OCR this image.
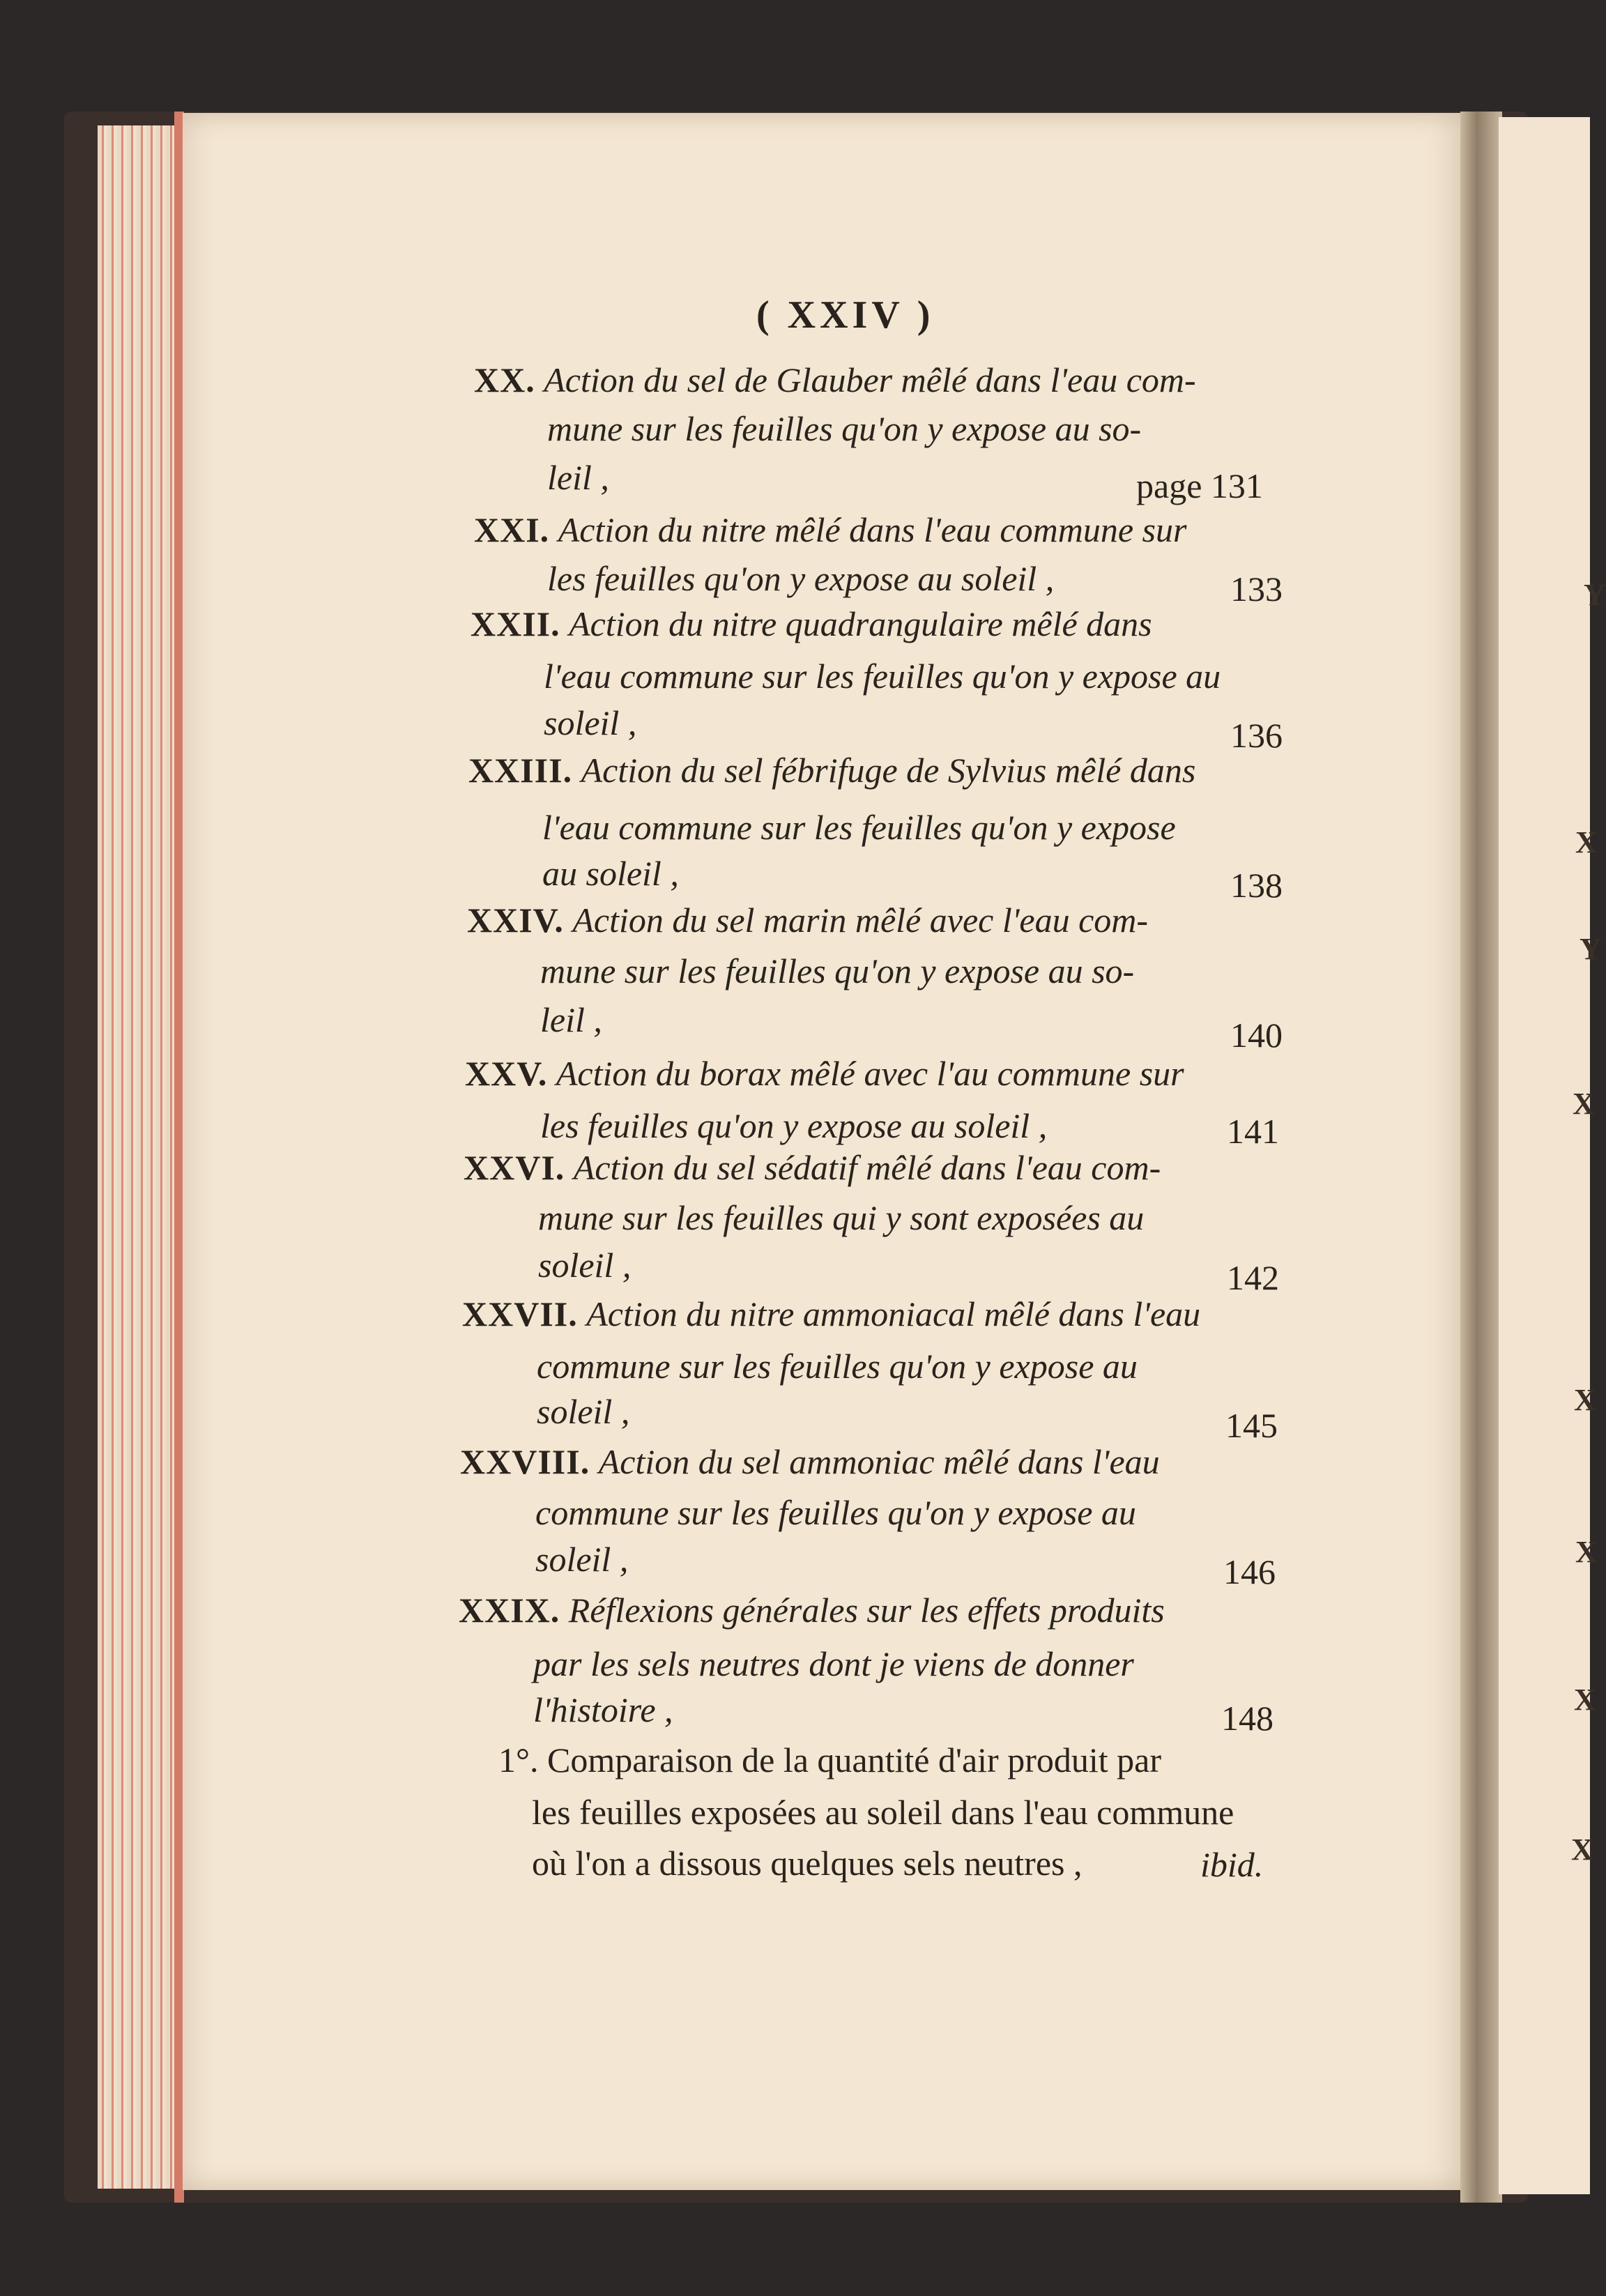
Y
X
Y
X
X
X
X
X
( XXIV )
XX. Action du sel de Glauber mêlé dans l'eau com-
mune sur les feuilles qu'on y expose au so-
leil ,	page 131
XXI. Action du nitre mêlé dans l'eau commune sur
les feuilles qu'on y expose au soleil ,	133
XXII. Action du nitre quadrangulaire mêlé dans
l'eau commune sur les feuilles qu'on y expose au
soleil ,	136
XXIII. Action du sel fébrifuge de Sylvius mêlé dans
l'eau commune sur les feuilles qu'on y expose
au soleil ,	138
XXIV. Action du sel marin mêlé avec l'eau com-
mune sur les feuilles qu'on y expose au so-
leil ,	140
XXV. Action du borax mêlé avec l'au commune sur
les feuilles qu'on y expose au soleil ,	141
XXVI. Action du sel sédatif mêlé dans l'eau com-
mune sur les feuilles qui y sont exposées au
soleil ,	142
XXVII. Action du nitre ammoniacal mêlé dans l'eau
commune sur les feuilles qu'on y expose au
soleil ,	145
XXVIII. Action du sel ammoniac mêlé dans l'eau
commune sur les feuilles qu'on y expose au
soleil ,	146
XXIX. Réflexions générales sur les effets produits
par les sels neutres dont je viens de donner
l'histoire ,	148
1°. Comparaison de la quantité d'air produit par
les feuilles exposées au soleil dans l'eau commune
où l'on a dissous quelques sels neutres ,	ibid.
